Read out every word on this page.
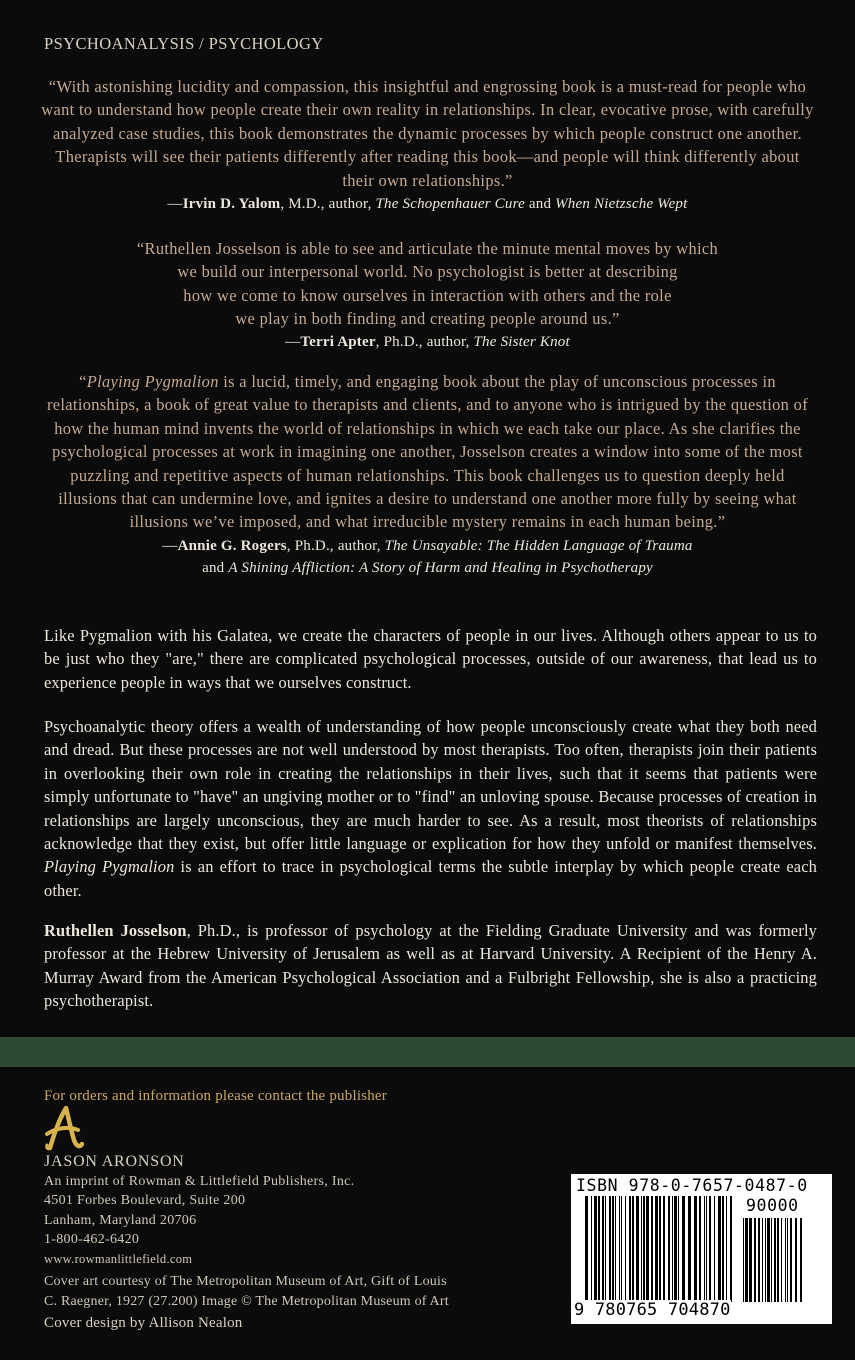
PSYCHOANALYSIS / PSYCHOLOGY

“With astonishing lucidity and compassion, this insightful and engrossing book is a must-read for people who want to understand how people create their own reality in relationships. In clear, evocative prose, with carefully analyzed case studies, this book demonstrates the dynamic processes by which people construct one another. Therapists will see their patients differently after reading this book—and people will think differently about their own relationships.”

—Irvin D. Yalom, M.D., author, The Schopenhauer Cure and When Nietzsche Wept

“Ruthellen Josselson is able to see and articulate the minute mental moves by which

we build our interpersonal world. No psychologist is better at describing

how we come to know ourselves in interaction with others and the role

we play in both finding and creating people around us.”

—Terri Apter, Ph.D., author, The Sister Knot

“Playing Pygmalion is a lucid, timely, and engaging book about the play of unconscious processes in relationships, a book of great value to therapists and clients, and to anyone who is intrigued by the question of how the human mind invents the world of relationships in which we each take our place. As she clarifies the psychological processes at work in imagining one another, Josselson creates a window into some of the most puzzling and repetitive aspects of human relationships. This book challenges us to question deeply held illusions that can undermine love, and ignites a desire to understand one another more fully by seeing what illusions we’ve imposed, and what irreducible mystery remains in each human being.”

—Annie G. Rogers, Ph.D., author, The Unsayable: The Hidden Language of Trauma
and A Shining Affliction: A Story of Harm and Healing in Psychotherapy

Like Pygmalion with his Galatea, we create the characters of people in our lives. Although others appear to us to be just who they "are," there are complicated psychological processes, outside of our awareness, that lead us to experience people in ways that we ourselves construct.

Psychoanalytic theory offers a wealth of understanding of how people unconsciously create what they both need and dread. But these processes are not well understood by most therapists. Too often, therapists join their patients in overlooking their own role in creating the relationships in their lives, such that it seems that patients were simply unfortunate to "have" an ungiving mother or to "find" an unloving spouse. Because processes of creation in relationships are largely unconscious, they are much harder to see. As a result, most theorists of relationships acknowledge that they exist, but offer little language or explication for how they unfold or manifest themselves. Playing Pygmalion is an effort to trace in psychological terms the subtle interplay by which people create each other.

Ruthellen Josselson, Ph.D., is professor of psychology at the Fielding Graduate University and was formerly professor at the Hebrew University of Jerusalem as well as at Harvard University. A Recipient of the Henry A. Murray Award from the American Psychological Association and a Fulbright Fellowship, she is also a practicing psychotherapist.

For orders and information please contact the publisher
JASON ARONSON
An imprint of Rowman & Littlefield Publishers, Inc.
4501 Forbes Boulevard, Suite 200
Lanham, Maryland 20706
1-800-462-6420
www.rowmanlittlefield.com
Cover art courtesy of The Metropolitan Museum of Art, Gift of Louis
C. Raegner, 1927 (27.200) Image © The Metropolitan Museum of Art
Cover design by Allison Nealon
ISBN 978-0-7657-0487-0
90000
9 780765 704870
